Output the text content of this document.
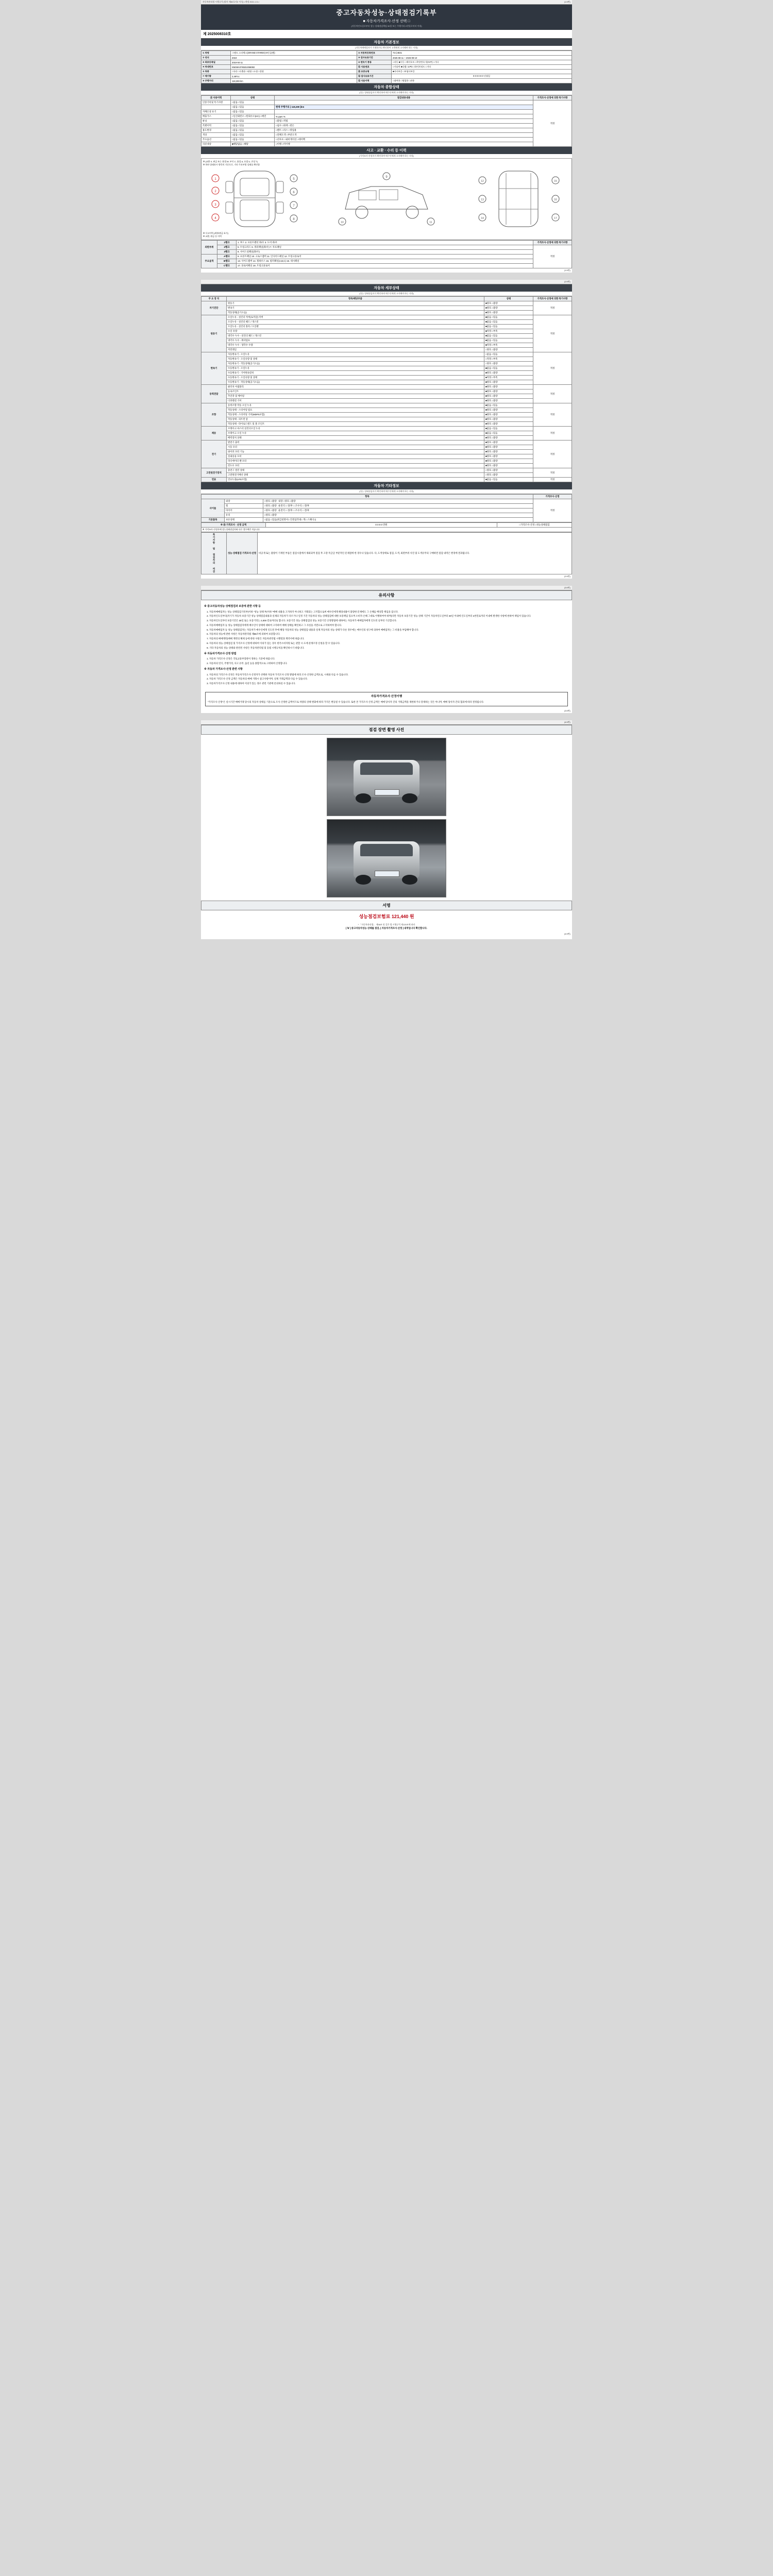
자동차관리법 시행규칙 [별지 제82호의2 서식] <개정 2021.1.5.>	(1/4면)
중고자동차성능·상태점검기록부
■ 자동차가격조사·산정 선택 □
(자동차인도일로부터 성능·상태점검책임 30일 또는 주행거리 2천킬로미터 이내)
제 2025008310호
자동차 기본정보
(자동차매매업자가 기재하거나 확인하여 고객에게 고지해야 하는 사항)
① 차명	그랜드 스타렉스(GRAND STAREX)-9인승(밴)	② 자동차등록번호	72나4831
② 연식	2019	⑨ 검사유효기간	2025-08-11 ~ 2026-08-10
⑥ 최초등록일	2019-04-11	⑩ 변속기 종류	□자동 ■수동 □세미오토 □무단변속기(CVT) □기타
④ 차대번호	KMJWA37KBJU066082	⑪ 사용연료	□가솔린 ■디젤 □LPG □하이브리드 □기타
⑤ 차종	□국산 □수출용 □대형 □소형 □경형	⑮ 보증유형	■자사보증 □보험사보증
⑦ 배기량	2,497cc	⑯ 검사유효기간	0 0 0 0 0 0 년월일
⑧ 주행거리	118,269 km	⑫ 사용이력	□대여용 □영업용 □관용
자동차 종합상태
(성능·상태점검자가 확인하여 매수인에게 고지해야 하는 사항)
⑰ 사용이력	상태	점검내용내용	가격조사·산정에 의한 특기사항
인증기록및 특기사항	□없음 □있음		적정
	□없음 □있음	현재 주행거리 [ 118,269 ]km	
자체손상 표기	□없음 □있음		
배출가스	□일산화탄소 □탄화수소(HC) □매연	% ppm %	
튜닝	□없음 □있음	□불법 □적법	
특별이력	□없음 □있음	□침수 □화재 □전손	
용도변경	□없음 □있음	□렌트 □리스 □영업용	
색상	□없음 □있음	□전체도색 □부분도색	
주요옵션	□없음 □있음	□선루프 □내비게이션 □에어백	
리콜대상	■해당없음 □해당	□이행 □미이행	
사고 · 교환 · 수리 등 이력
(가격조사·산정자가 확인하여 매수인에게 고지해야 하는 사항)
※ (교환 X, 판금 또는 용접 W, 부식 C, 흠집 A, 요철 U, 손상 T)
※ 하단 상태표시 항목의 기준으로, 기타 주요부위 상태를 확인함
1
2
3
4
5
6
7
8
9
10	11
12
13
14
15
16
17
※ 사고이력 (외판/판금 표기)
※ 교환, 판금 등 이력
외판부위	1랭크	1. 후드 2. 프론트펜더 좌/우 3. 도어 좌/우	가격조사·산정에 의한 특기사항
	2랭크	5. 트렁크리드 6. 쿼터패널(좌/우) 7. 루프패널	적정
	3랭크	8. 사이드실패널(좌/우)	
주요골격	A랭크	9. 프론트패널 10. 크로스멤버 11. 인사이드패널 12. 트렁크플로어	
	B랭크	13. 사이드멤버 14. 휠하우스 15. 필러패널(A,B,C) 16. 대시패널	
	C랭크	17. 플로어패널 18. 트렁크플로어	
(1/4면)

(2/4면)
자동차 세부상태
(성능·상태점검자가 확인하여 매수인에게 고지해야 하는 사항)
주 요 장 치	항목/해당부품	상태	가격조사·산정에 의한 특기사항
자기진단	원동기	■양호 □불량	적정
	변속기	■양호 □불량	
	작동상태(공기소음)	■양호 □불량	
원동기	오일누유 - 실린더 커버(로커암) 커버	■없음 □있음	적정
	오일누유 - 실린더 헤드 / 개스킷	■없음 □있음	
	오일누유 - 실린더 블록 / 오일팬	■없음 □있음	
	오일 유량	■적정 □부족	
	냉각수 누수 - 실린더 헤드 / 개스킷	■없음 □있음	
	냉각수 누수 - 워터펌프	■없음 □있음	
	냉각수 누수 - 냉각수 수량	■적정 □부족	
	커먼레일	□양호 □불량	
변속기	자동변속기 - 오일누유	□없음 □있음	적정
	자동변속기 - 오일유량 및 상태	□적정 □부족	
	자동변속기 - 작동상태(공기소음)	□양호 □불량	
	수동변속기 - 오일누유	■없음 □있음	
	수동변속기 - 기어변속장치	■양호 □불량	
	수동변속기 - 오일유량 및 상태	■적정 □부족	
	수동변속기 - 작동상태(공기소음)	■양호 □불량	
동력전달	클러치 어셈블리	■양호 □불량	적정
	등속조인트	■양호 □불량	
	추진축 및 베어링	■양호 □불량	
	디퍼렌셜 기어	■양호 □불량	
조향	동력조향 작동 오일 누유	■없음 □있음	적정
	작동상태 - 스티어링 펌프	■양호 □불량	
	작동상태 - 스티어링 기어(MDPS포함)	■양호 □불량	
	작동상태 - 피트먼 암	■양호 □불량	
	작동상태 - 타이로드엔드 및 볼 조인트	■양호 □불량	
제동	브레이크 마스터 실린더오일 누유	■없음 □있음	적정
	브레이크 오일 누유	■없음 □있음	
	배력장치 상태	■양호 □불량	
전기	발전기 출력	■양호 □불량	적정
	시동 모터	■양호 □불량	
	와이퍼 모터 기능	■양호 □불량	
	실내송풍 모터	■양호 □불량	
	라디에이터 팬 모터	■양호 □불량	
	윈도우 모터	■양호 □불량	
고전원전기장치	충전구 절연 상태	□양호 □불량	적정
	고전원전기배선 상태	□양호 □불량	
연료	연료누출(LPG포함)	■없음 □있음	적정
자동차 기타정보
(성능·상태점검자가 확인하여 매수인에게 고지해야 하는 사항)
항목			가격조사·산정
사이들	외장	□양호 □불량 내장 □양호 □불량	적정
	휠	□양호 □불량 운전석 □ 전/후 □ 조수석 □ 전/후	
	타이어	□양호 □불량 운전석 □ 전/후 □ 조수석 □ 전/후	
	유리	□양호 □불량	
기본품목	보유상태	□없음 □있음(취급설명서□ 안전삼각대□ 잭□ 스패너□)	
※ ⑱ 가격조사 · 산정 금액	0 0 0 0 만원	□가격조사·산정 □성능상태점검
※ 가격조사·산정자에 성능상태점검자와 다른 경우에만 적습니다.
특기사항 및 점검자의 의견	성능·상태점검 가격조사·산정	비공개 또는 불량이 기재된 부품은 점검시점에서 제외되며 점검 후 고장 특급급 부분적인 문제점에 한 경우나 있습니다. 다, 도색상태로 점검, 도색, 외관부위 사진 및 도색유무의 구매하면 점검 내역은 변경에 결과됩니다.
(2/4면)

(3/4면)
유의사항
※ 중고자동차성능·상태점검과 보증에 관한 사항 등
1. 자동차매매업자는 성능·상태점검기록부(이하 "성능 상태 부(이하 "매매 내용을 고지하지 아니하고 거래되는 고지합으로써 매수인에게 해당내용이 불량한 문제에도 그 손해를 배상할 책임을 집니다.
2. 자동차인도일부터(자기가 자동차 보증기간 성능·상태점검내용과 실제의 자동차가 다르거나 일정 기간 자동차의 성능·상태점검에 대한 보증책임 있으며 소비자 손해 그대로 이행하여야 하며(다만 자동차 보증기간 성능·상태 기간이 자동차인도일부터 30일 이내에 인도일부터 2천킬로미터 이내에 발생한 사항에 한하여 책임이 있습니다.
3. 자동차인도일부터 보증기간은 30일 또는 보증거리는 2,000 킬로미터로 합니다. 보증기간 성능·상태점검의 성능 보증기간 산정방법에 대하여는 자동차가 매매업자에게 인도된 날부터 기산합니다.
4. 자동차매매업자 등 성능·상태점검자에게 매수인이 상태에 대하여 고지하여 매매 상태를 확인하고 그 사실을 서면으로 고지하여야 합니다.
5. 자동차매매업자 등 성능·상태점검자는 자동차가 매수인에게 인도된 후에 해당 자동차의 성능 상태점검 내용과 실제 자동차의 성능·상태가 다른 경우에는 매수인의 청구에 의하여 매매업자는 그 비용을 부담해야 합니다.
6. 자동차의 성능에 관한 사항은 자동차관리법 제58조에 의하여 보증합니다.
7. 자동차의 매매계약(매매 계약의 해제 등에 관한 사항은 자동차관리법 시행령과 계약서에 따릅니다.
8. 자동차의 성능·상태점검 및 가격조사·산정에 대하여 이의가 있는 경우 한국소비자원 또는 관할 시·도에 분쟁조정 신청을 할 수 있습니다.
9. 기타 자동차의 성능·상태와 관련된 사항은 자동차관리법 및 동법 시행규칙을 확인하시기 바랍니다.
※ 자동차가격조사·산정 방법
1. 자동차 가격조사·산정은 국토교통부장관이 정하는 기준에 따릅니다.
2. 자동차의 연식, 주행거리, 사고 유무, 옵션 등을 종합적으로 고려하여 산정합니다.
※ 자동차 가격조사·산정 관련 사항
1. 자동차의 가격조사·산정은 자동차가격조사·산정자가 선택한 자동차 가격조사·산정 방법에 따라 조사·산정한 금액으로, 시세와 다를 수 있습니다.
2. 자동차 가격조사·산정 금액은 자동차의 매매 거래시 참고사항이며, 실제 거래금액과 다를 수 있습니다.
3. 자동차가격조사·산정 내용에 대하여 이의가 있는 경우 관련 기관에 문의하실 수 있습니다.
자동차가격조사·산정이행
"가격조사·산정"은 실시기간 매매거래 당시의 자동차 상태를 기준으로 조사·산정한 금액이므로 차량의 상태 변화에 따라 가격은 변동될 수 있습니다. 또한 본 가격조사·산정 금액은 매매 당사자 간의 거래금액을 제한하거나 강제하는 것은 아니며, 매매 당사자 간의 협의에 따라 결정됩니다.
(3/4면)

(4/4면)
점검 장면 촬영 사진
서명
성능점검보험료 121,440 원
* 「자동차관리법」 제58조 및 같은 법 시행규칙 제120조에 따라
[ ￦ ] 중고자동차성능·상태를 점검, [ 자동차가격조사·산정 ] 내역입니다 확인합니다.
(4/4면)
